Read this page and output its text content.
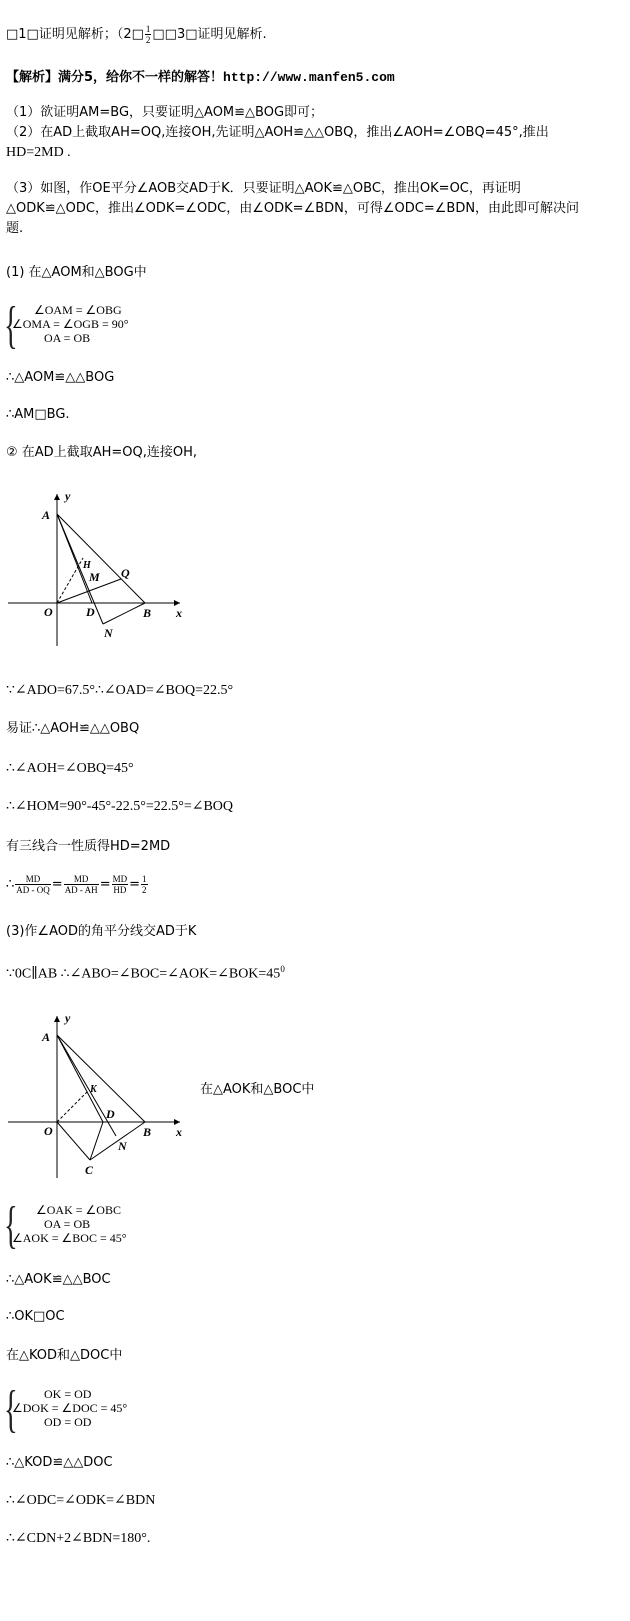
□1□证明见解析；（2□ $\frac{1}{2}$ □□3□证明见解析.
【解析】满分5，给你不一样的解答！http://www.manfen5.com
（1）欲证明AM=BG，只要证明△AOM≌△BOG即可；
（2）在AD上截取AH=OQ,连接OH,先证明△AOH≌△△OBQ，推出∠AOH=∠OBQ=45°,推出
HD=2MD .
（3）如图，作OE平分∠AOB交AD于K．只要证明△AOK≌△OBC，推出OK=OC，再证明
△ODK≌△ODC，推出∠ODK=∠ODC，由∠ODK=∠BDN，可得∠ODC=∠BDN，由此即可解决问
题.
(1) 在△AOM和△BOG中
{ ∠OAM = ∠OBG
∠OMA = ∠OGB = 90°
OA = OB
∴△AOM≌△△BOG
∴AM□BG.
② 在AD上截取AH=OQ,连接OH,
y
A
H
M Q
O	D	B x
N
∵∠ADO=67.5°∴∠OAD=∠BOQ=22.5°
易证∴△AOH≌△△OBQ
∴∠AOH=∠OBQ=45°
∴∠HOM=90°-45°-22.5°=22.5°=∠BOQ
有三线合一性质得HD=2MD
∴ $\frac{MD}{AD - OQ} = \frac{MD}{AD - AH} = \frac{MD}{HD} = \frac{1}{2}$
(3)作∠AOD的角平分线交AD于K
∵0C∥AB $\therefore\angle ABO=\angle BOC=\angle AOK=\angle BOK=45^0$
y
A
K
D
O	B x
N
C
在△AOK和△BOC中
{ ∠OAK = ∠OBC
OA = OB
∠AOK = ∠BOC = 45°
∴△AOK≌△△BOC
∴OK□OC
在△KOD和△DOC中
{ OK = OD
∠DOK = ∠DOC = 45°
OD = OD
∴△KOD≌△△DOC
∴∠ODC=∠ODK=∠BDN
∴∠CDN+2∠BDN=180°.
